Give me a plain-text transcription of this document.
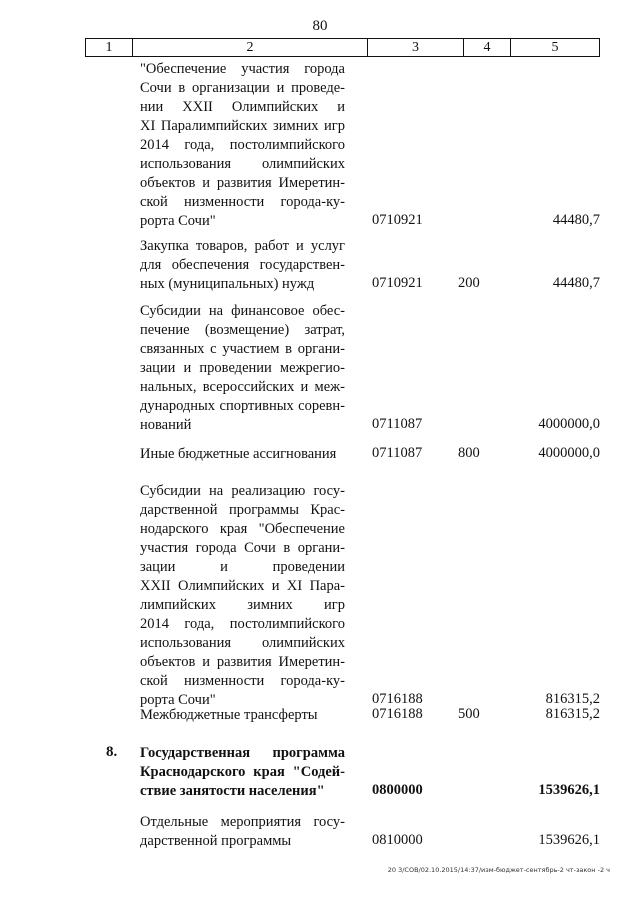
80
1	2	3	4	5
"Обеспечение участия города
Сочи в организации и проведе-
нии XXII Олимпийских и
XI Паралимпийских зимних игр
2014 года, постолимпийского
использования олимпийских
объектов и развития Имеретин-
ской низменности города-ку-
рорта Сочи"	0710921	44480,7
Закупка товаров, работ и услуг
для обеспечения государствен-
ных (муниципальных) нужд	0710921 200	44480,7
Субсидии на финансовое обес-
печение (возмещение) затрат,
связанных с участием в органи-
зации и проведении межрегио-
нальных, всероссийских и меж-
дународных спортивных соревн-
нований	0711087	4000000,0
Иные бюджетные ассигнования	0711087 800	4000000,0
Субсидии на реализацию госу-
дарственной программы Крас-
нодарского края "Обеспечение
участия города Сочи в органи-
зации и проведении
XXII Олимпийских и XI Пара-
лимпийских зимних игр
2014 года, постолимпийского
использования олимпийских
объектов и развития Имеретин-
ской низменности города-ку-
рорта Сочи"	0716188	816315,2
Межбюджетные трансферты	0716188 500	816315,2
8.	Государственная программа
Краснодарского края "Содей-
ствие занятости населения"	0800000	1539626,1
Отдельные мероприятия госу-
дарственной программы	0810000	1539626,1
20 3/СОВ/02.10.2015/14:37/изм-бюджет-сентябрь-2 чт-закон -2 ч
